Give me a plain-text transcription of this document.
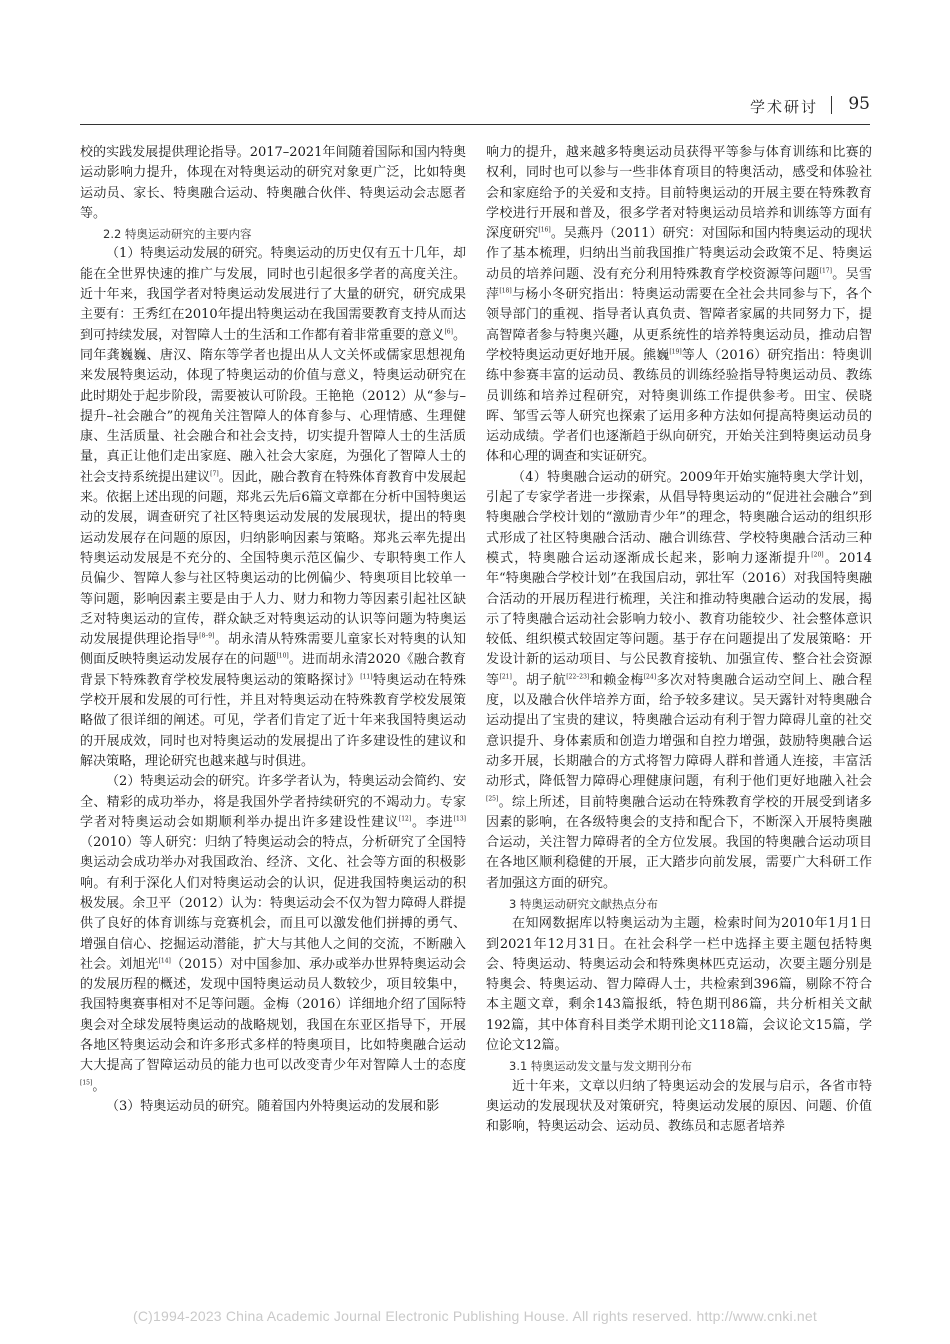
学术研讨 95

校的实践发展提供理论指导。2017–2021年间随着国际和国内特奥运动影响力提升，体现在对特奥运动的研究对象更广泛，比如特奥运动员、家长、特奥融合运动、特奥融合伙伴、特奥运动会志愿者等。

2.2 特奥运动研究的主要内容

（1）特奥运动发展的研究。特奥运动的历史仅有五十几年，却能在全世界快速的推广与发展，同时也引起很多学者的高度关注。近十年来，我国学者对特奥运动发展进行了大量的研究，研究成果主要有：王秀红在2010年提出特奥运动在我国需要教育支持从而达到可持续发展，对智障人士的生活和工作都有着非常重要的意义[6]。同年龚巍巍、唐汉、隋东等学者也提出从人文关怀或儒家思想视角来发展特奥运动，体现了特奥运动的价值与意义，特奥运动研究在此时期处于起步阶段，需要被认可阶段。王艳艳（2012）从“参与–提升–社会融合”的视角关注智障人的体育参与、心理情感、生理健康、生活质量、社会融合和社会支持，切实提升智障人士的生活质量，真正让他们走出家庭、融入社会大家庭，为强化了智障人士的社会支持系统提出建议[7]。因此，融合教育在特殊体育教育中发展起来。依据上述出现的问题，郑兆云先后6篇文章都在分析中国特奥运动的发展，调查研究了社区特奥运动发展的发展现状，提出的特奥运动发展存在问题的原因，归纳影响因素与策略。郑兆云率先提出特奥运动发展是不充分的、全国特奥示范区偏少、专职特奥工作人员偏少、智障人参与社区特奥运动的比例偏少、特奥项目比较单一等问题，影响因素主要是由于人力、财力和物力等因素引起社区缺乏对特奥运动的宣传，群众缺乏对特奥运动的认识等问题为特奥运动发展提供理论指导[8–9]。胡永清从特殊需要儿童家长对特奥的认知侧面反映特奥运动发展存在的问题[10]。进而胡永清2020《融合教育背景下特殊教育学校发展特奥运动的策略探讨》[11]特奥运动在特殊学校开展和发展的可行性，并且对特奥运动在特殊教育学校发展策略做了很详细的阐述。可见，学者们肯定了近十年来我国特奥运动的开展成效，同时也对特奥运动的发展提出了许多建设性的建议和解决策略，理论研究也越来越与时俱进。

（2）特奥运动会的研究。许多学者认为，特奥运动会简约、安全、精彩的成功举办，将是我国外学者持续研究的不竭动力。专家学者对特奥运动会如期顺利举办提出许多建设性建议[12]。李进[13]（2010）等人研究：归纳了特奥运动会的特点，分析研究了全国特奥运动会成功举办对我国政治、经济、文化、社会等方面的积极影响。有利于深化人们对特奥运动会的认识，促进我国特奥运动的积极发展。余卫平（2012）认为：特奥运动会不仅为智力障碍人群提供了良好的体育训练与竞赛机会，而且可以激发他们拼搏的勇气、增强自信心、挖掘运动潜能，扩大与其他人之间的交流，不断融入社会。刘旭光[14]（2015）对中国参加、承办或举办世界特奥运动会的发展历程的概述，发现中国特奥运动员人数较少，项目较集中，我国特奥赛事相对不足等问题。金梅（2016）详细地介绍了国际特奥会对全球发展特奥运动的战略规划，我国在东亚区指导下，开展各地区特奥运动会和许多形式多样的特奥项目，比如特奥融合运动大大提高了智障运动员的能力也可以改变青少年对智障人士的态度[15]。

（3）特奥运动员的研究。随着国内外特奥运动的发展和影

响力的提升，越来越多特奥运动员获得平等参与体育训练和比赛的权利，同时也可以参与一些非体育项目的特奥活动，感受和体验社会和家庭给予的关爱和支持。目前特奥运动的开展主要在特殊教育学校进行开展和普及，很多学者对特奥运动员培养和训练等方面有深度研究[16]。吴燕丹（2011）研究：对国际和国内特奥运动的现状作了基本梳理，归纳出当前我国推广特奥运动会政策不足、特奥运动员的培养问题、没有充分利用特殊教育学校资源等问题[17]。吴雪萍[18]与杨小冬研究指出：特奥运动需要在全社会共同参与下，各个领导部门的重视、指导者认真负责、智障者家属的共同努力下，提高智障者参与特奥兴趣，从更系统性的培养特奥运动员，推动启智学校特奥运动更好地开展。熊巍[19]等人（2016）研究指出：特奥训练中参赛丰富的运动员、教练员的训练经验指导特奥运动员、教练员训练和培养过程研究，对特奥训练工作提供参考。田宝、侯晓晖、邹雪云等人研究也探索了运用多种方法如何提高特奥运动员的运动成绩。学者们也逐渐趋于纵向研究，开始关注到特奥运动员身体和心理的调查和实证研究。

（4）特奥融合运动的研究。2009年开始实施特奥大学计划，引起了专家学者进一步探索，从倡导特奥运动的“促进社会融合”到特奥融合学校计划的“激励青少年”的理念，特奥融合运动的组织形式形成了社区特奥融合活动、融合训练营、学校特奥融合活动三种模式，特奥融合运动逐渐成长起来，影响力逐渐提升[20]。2014年“特奥融合学校计划”在我国启动，郭壮军（2016）对我国特奥融合活动的开展历程进行梳理，关注和推动特奥融合运动的发展，揭示了特奥融合运动社会影响力较小、教育功能较少、社会整体意识较低、组织模式较固定等问题。基于存在问题提出了发展策略：开发设计新的运动项目、与公民教育接轨、加强宣传、整合社会资源等[21]。胡子航[22–23]和赖金梅[24]多次对特奥融合运动空间上、融合程度，以及融合伙伴培养方面，给予较多建议。吴天露针对特奥融合运动提出了宝贵的建议，特奥融合运动有利于智力障碍儿童的社交意识提升、身体素质和创造力增强和自控力增强，鼓励特奥融合运动多开展，长期融合的方式将智力障碍人群和普通人连接，丰富活动形式，降低智力障碍心理健康问题，有利于他们更好地融入社会[25]。综上所述，目前特奥融合运动在特殊教育学校的开展受到诸多因素的影响，在各级特奥会的支持和配合下，不断深入开展特奥融合运动，关注智力障碍者的全方位发展。我国的特奥融合运动项目在各地区顺利稳健的开展，正大踏步向前发展，需要广大科研工作者加强这方面的研究。

3 特奥运动研究文献热点分布

在知网数据库以特奥运动为主题，检索时间为2010年1月1日到2021年12月31日。在社会科学一栏中选择主要主题包括特奥会、特奥运动、特奥运动会和特殊奥林匹克运动，次要主题分别是特奥会、特奥运动、智力障碍人士，共检索到396篇，剔除不符合本主题文章，剩余143篇报纸，特色期刊86篇，共分析相关文献192篇，其中体育科目类学术期刊论文118篇，会议论文15篇，学位论文12篇。

3.1 特奥运动发文量与发文期刊分布

近十年来，文章以归纳了特奥运动会的发展与启示，各省市特奥运动的发展现状及对策研究，特奥运动发展的原因、问题、价值和影响，特奥运动会、运动员、教练员和志愿者培养

(C)1994-2023 China Academic Journal Electronic Publishing House. All rights reserved. http://www.cnki.net
